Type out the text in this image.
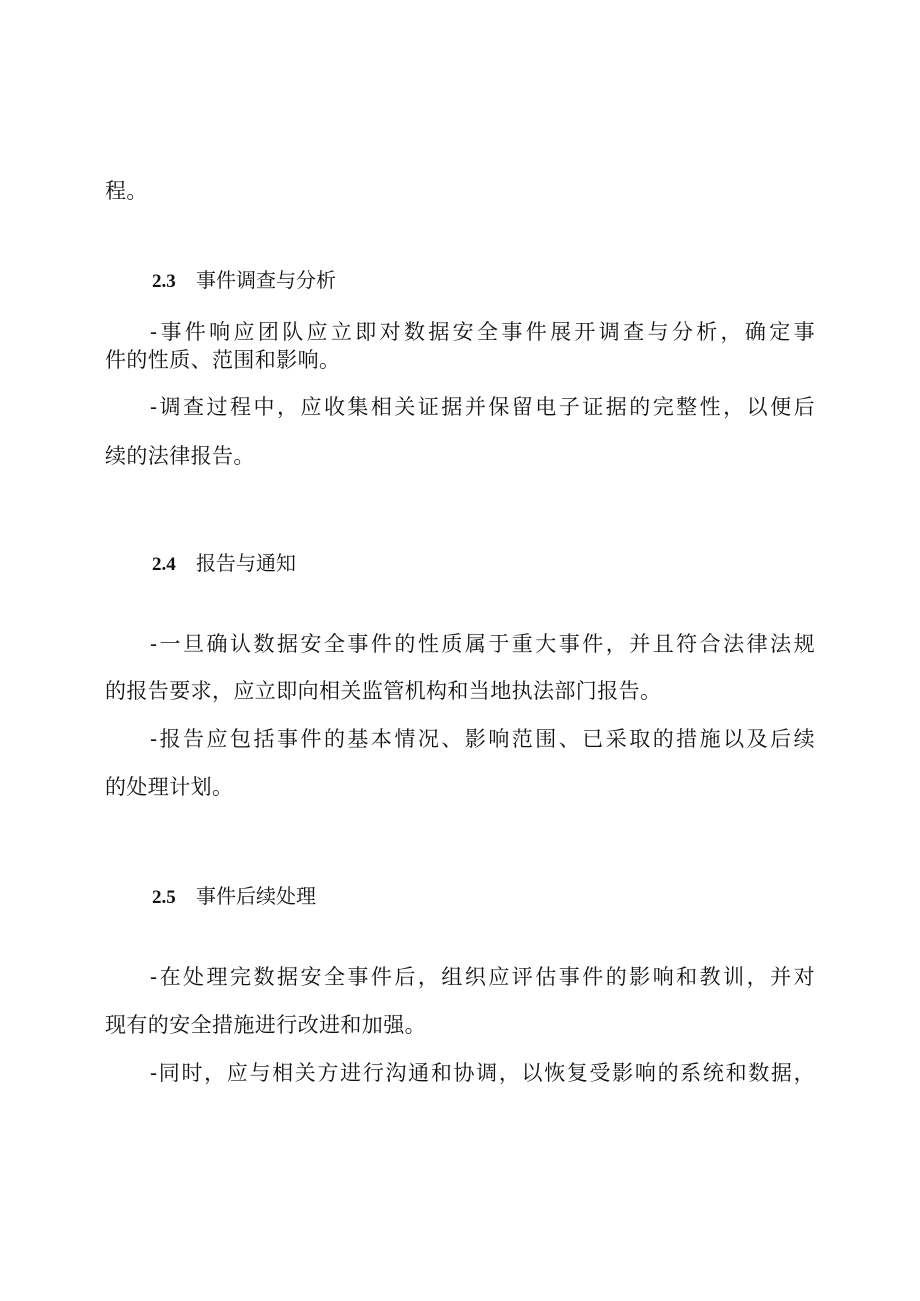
程。
2.3 事件调查与分析
-事件响应团队应立即对数据安全事件展开调查与分析，确定事
件的性质、范围和影响。
-调查过程中，应收集相关证据并保留电子证据的完整性，以便后
续的法律报告。
2.4 报告与通知
-一旦确认数据安全事件的性质属于重大事件，并且符合法律法规
的报告要求，应立即向相关监管机构和当地执法部门报告。
-报告应包括事件的基本情况、影响范围、已采取的措施以及后续
的处理计划。
2.5 事件后续处理
-在处理完数据安全事件后，组织应评估事件的影响和教训，并对
现有的安全措施进行改进和加强。
-同时，应与相关方进行沟通和协调，以恢复受影响的系统和数据，
